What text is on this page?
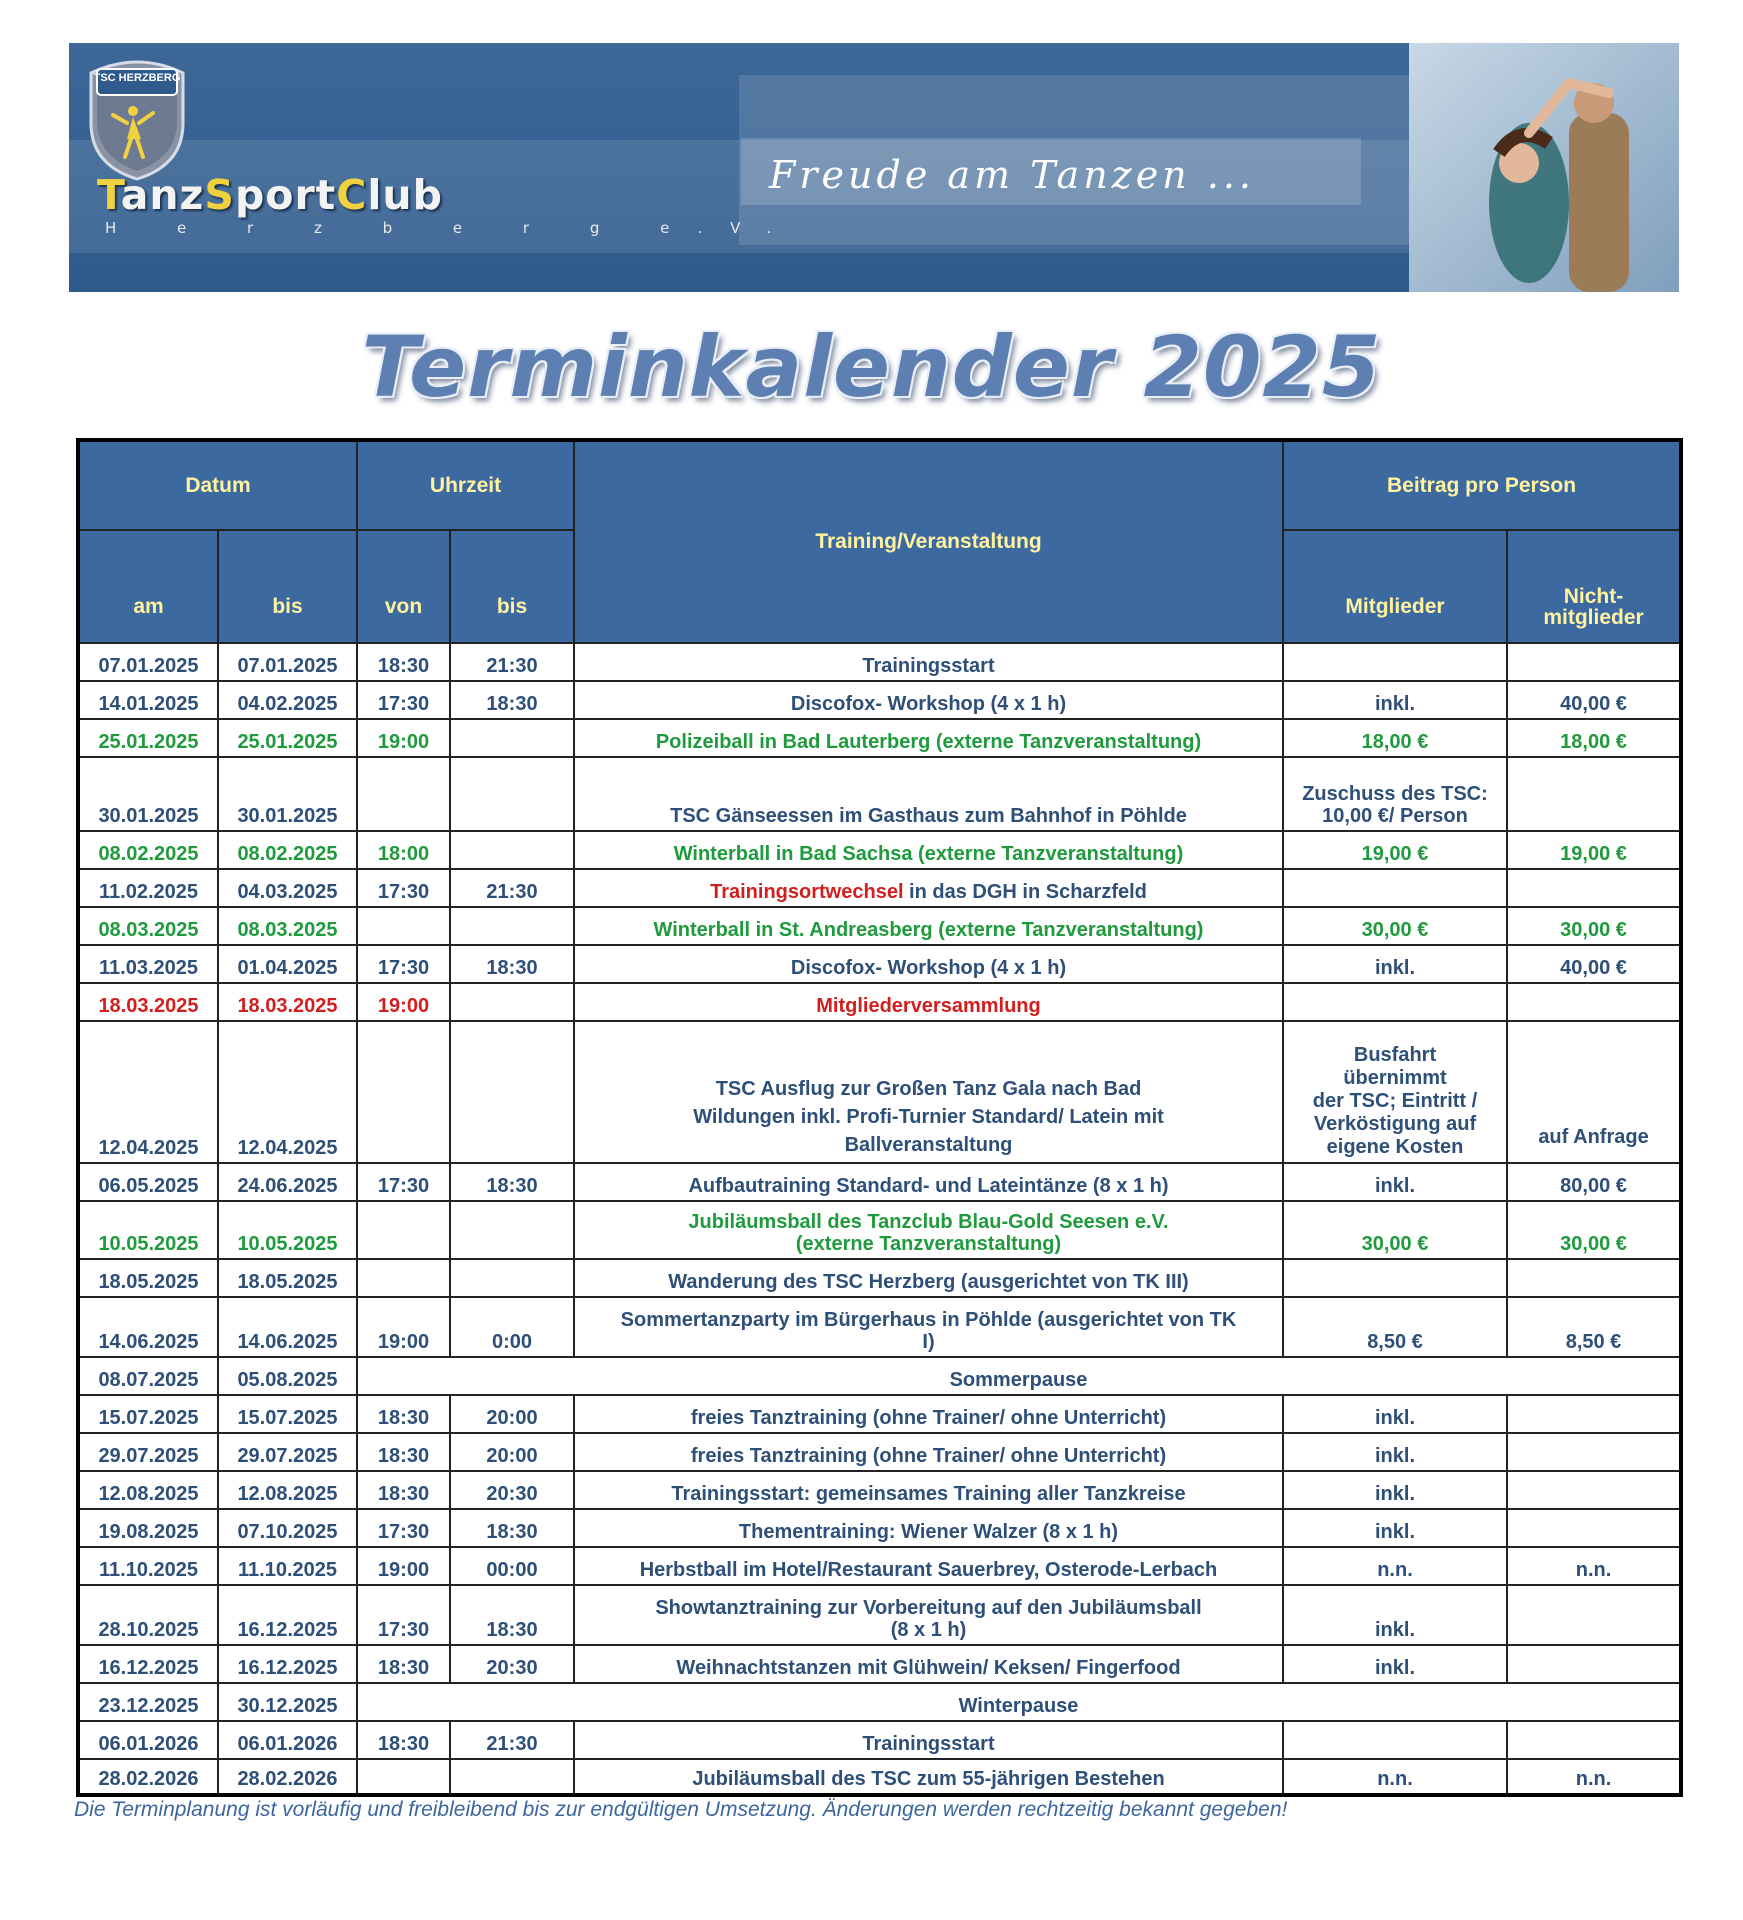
Freude am Tanzen ...
TSC HERZBERG
TanzSportClub
H e r z b e r g e.V.
Terminkalender 2025
Datum		Uhrzeit		Training/Veranstaltung	Beitrag pro Person	
am	bis	von	bis		Mitglieder	Nicht-
mitglieder
07.01.2025	07.01.2025	18:30	21:30	Trainingsstart		
14.01.2025	04.02.2025	17:30	18:30	Discofox- Workshop (4 x 1 h)	inkl.	40,00 €
25.01.2025	25.01.2025	19:00		Polizeiball in Bad Lauterberg (externe Tanzveranstaltung)	18,00 €	18,00 €
30.01.2025	30.01.2025			TSC Gänseessen im Gasthaus zum Bahnhof in Pöhlde	Zuschuss des TSC:
10,00 €/ Person	
08.02.2025	08.02.2025	18:00		Winterball in Bad Sachsa (externe Tanzveranstaltung)	19,00 €	19,00 €
11.02.2025	04.03.2025	17:30	21:30	Trainingsortwechsel in das DGH in Scharzfeld		
08.03.2025	08.03.2025			Winterball in St. Andreasberg (externe Tanzveranstaltung)	30,00 €	30,00 €
11.03.2025	01.04.2025	17:30	18:30	Discofox- Workshop (4 x 1 h)	inkl.	40,00 €
18.03.2025	18.03.2025	19:00		Mitgliederversammlung		
12.04.2025	12.04.2025			TSC Ausflug zur Großen Tanz Gala nach Bad
Wildungen inkl. Profi-Turnier Standard/ Latein mit
Ballveranstaltung	Busfahrt
übernimmt
der TSC; Eintritt /
Verköstigung auf
eigene Kosten	auf Anfrage
06.05.2025	24.06.2025	17:30	18:30	Aufbautraining Standard- und Lateintänze (8 x 1 h)	inkl.	80,00 €
10.05.2025	10.05.2025			Jubiläumsball des Tanzclub Blau-Gold Seesen e.V.
(externe Tanzveranstaltung)	30,00 €	30,00 €
18.05.2025	18.05.2025			Wanderung des TSC Herzberg (ausgerichtet von TK III)		
14.06.2025	14.06.2025	19:00	0:00	Sommertanzparty im Bürgerhaus in Pöhlde (ausgerichtet von TK
I)	8,50 €	8,50 €
08.07.2025	05.08.2025	Sommerpause				
15.07.2025	15.07.2025	18:30	20:00	freies Tanztraining (ohne Trainer/ ohne Unterricht)	inkl.	
29.07.2025	29.07.2025	18:30	20:00	freies Tanztraining (ohne Trainer/ ohne Unterricht)	inkl.	
12.08.2025	12.08.2025	18:30	20:30	Trainingsstart: gemeinsames Training aller Tanzkreise	inkl.	
19.08.2025	07.10.2025	17:30	18:30	Thementraining: Wiener Walzer (8 x 1 h)	inkl.	
11.10.2025	11.10.2025	19:00	00:00	Herbstball im Hotel/Restaurant Sauerbrey, Osterode-Lerbach	n.n.	n.n.
28.10.2025	16.12.2025	17:30	18:30	Showtanztraining zur Vorbereitung auf den Jubiläumsball
(8 x 1 h)	inkl.	
16.12.2025	16.12.2025	18:30	20:30	Weihnachtstanzen mit Glühwein/ Keksen/ Fingerfood	inkl.	
23.12.2025	30.12.2025	Winterpause				
06.01.2026	06.01.2026	18:30	21:30	Trainingsstart		
28.02.2026	28.02.2026			Jubiläumsball des TSC zum 55-jährigen Bestehen	n.n.	n.n.
Die Terminplanung ist vorläufig und freibleibend bis zur endgültigen Umsetzung. Änderungen werden rechtzeitig bekannt gegeben!
